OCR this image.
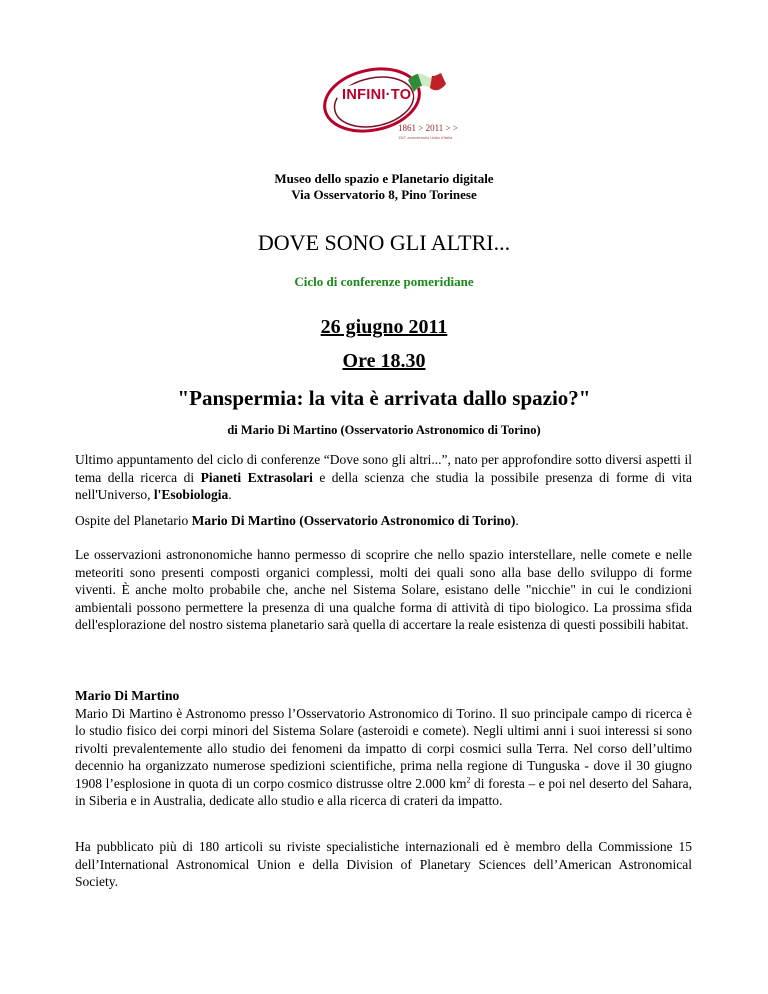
INFINI·TO
1861 > 2011 > >
150° anniversario Unità d'Italia
Museo dello spazio e Planetario digitale
Via Osservatorio 8, Pino Torinese
DOVE SONO GLI ALTRI...
Ciclo di conferenze pomeridiane
26 giugno 2011
Ore 18.30
"Panspermia: la vita è arrivata dallo spazio?"
di Mario Di Martino (Osservatorio Astronomico di Torino)
Ultimo appuntamento del ciclo di conferenze “Dove sono gli altri...”, nato per approfondire sotto diversi aspetti il tema della ricerca di Pianeti Extrasolari e della scienza che studia la possibile presenza di forme di vita nell'Universo, l'Esobiologia.
Ospite del Planetario Mario Di Martino (Osservatorio Astronomico di Torino).
Le osservazioni astrononomiche hanno permesso di scoprire che nello spazio interstellare, nelle comete e nelle meteoriti sono presenti composti organici complessi, molti dei quali sono alla base dello sviluppo di forme viventi. È anche molto probabile che, anche nel Sistema Solare, esistano delle "nicchie" in cui le condizioni ambientali possono permettere la presenza di una qualche forma di attività di tipo biologico. La prossima sfida dell'esplorazione del nostro sistema planetario sarà quella di accertare la reale esistenza di questi possibili habitat.
Mario Di Martino
Mario Di Martino è Astronomo presso l’Osservatorio Astronomico di Torino. Il suo principale campo di ricerca è lo studio fisico dei corpi minori del Sistema Solare (asteroidi e comete). Negli ultimi anni i suoi interessi si sono rivolti prevalentemente allo studio dei fenomeni da impatto di corpi cosmici sulla Terra. Nel corso dell’ultimo decennio ha organizzato numerose spedizioni scientifiche, prima nella regione di Tunguska - dove il 30 giugno 1908 l’esplosione in quota di un corpo cosmico distrusse oltre 2.000 $km^2$ di foresta – e poi nel deserto del Sahara, in Siberia e in Australia, dedicate allo studio e alla ricerca di crateri da impatto.
Ha pubblicato più di 180 articoli su riviste specialistiche internazionali ed è membro della Commissione 15 dell’International Astronomical Union e della Division of Planetary Sciences dell’American Astronomical Society.
